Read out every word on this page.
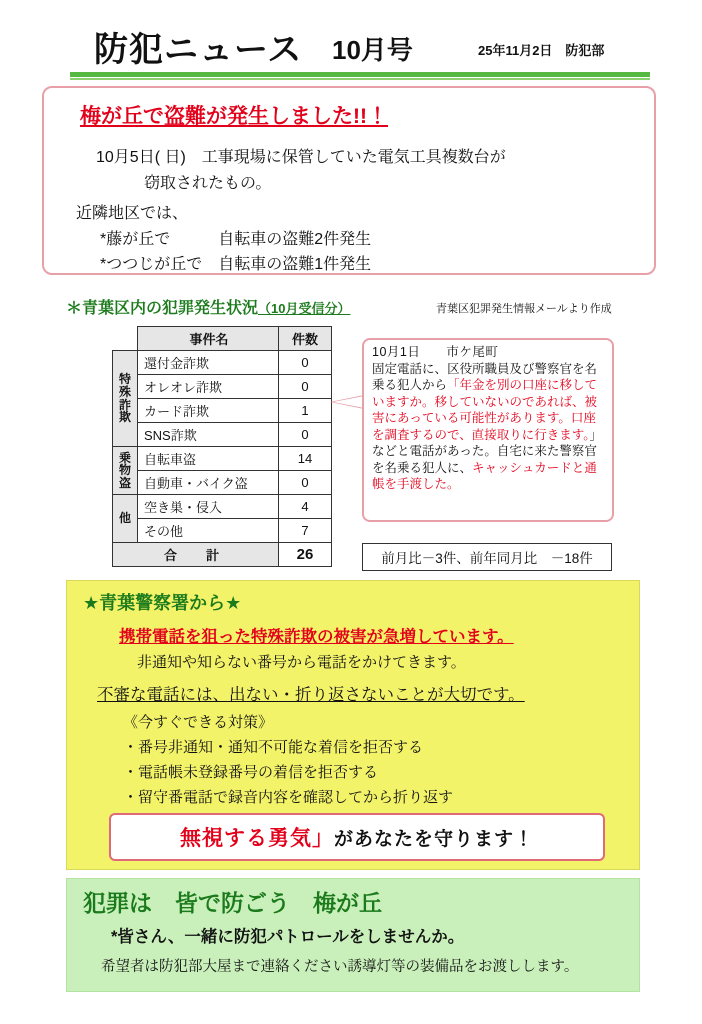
防犯ニュース 10月号	25年11月2日　防犯部
梅が丘で盗難が発生しました!!！
10月5日( 日)　工事現場に保管していた電気工具複数台が
窃取されたもの。
近隣地区では、
*藤が丘で　　　自転車の盗難2件発生
*つつじが丘で　自転車の盗難1件発生
＊青葉区内の犯罪発生状況（10月受信分）	青葉区犯罪発生情報メールより作成
	事件名	件数
特殊詐欺	還付金詐欺	0
	オレオレ詐欺	0
	カード詐欺	1
	SNS詐欺	0
乗物盗	自転車盗	14
	自動車・バイク盗	0
他	空き巣・侵入	4
	その他	7
合　計		26
10月1日　　市ケ尾町
固定電話に、区役所職員及び警察官を名乗る犯人から「年金を別の口座に移していますか。移していないのであれば、被害にあっている可能性があります。口座を調査するので、直接取りに行きます。」などと電話があった。自宅に来た警察官を名乗る犯人に、キャッシュカードと通帳を手渡した。
前月比－3件、前年同月比　－18件
★青葉警察署から★
携帯電話を狙った特殊詐欺の被害が急増しています。
非通知や知らない番号から電話をかけてきます。
不審な電話には、出ない・折り返さないことが大切です。
《今すぐできる対策》
・番号非通知・通知不可能な着信を拒否する
・電話帳未登録番号の着信を拒否する
・留守番電話で録音内容を確認してから折り返す
無視する勇気」 があなたを守ります！
犯罪は　皆で防ごう　梅が丘
*皆さん、一緒に防犯パトロールをしませんか。
希望者は防犯部大屋まで連絡ください誘導灯等の装備品をお渡しします。
